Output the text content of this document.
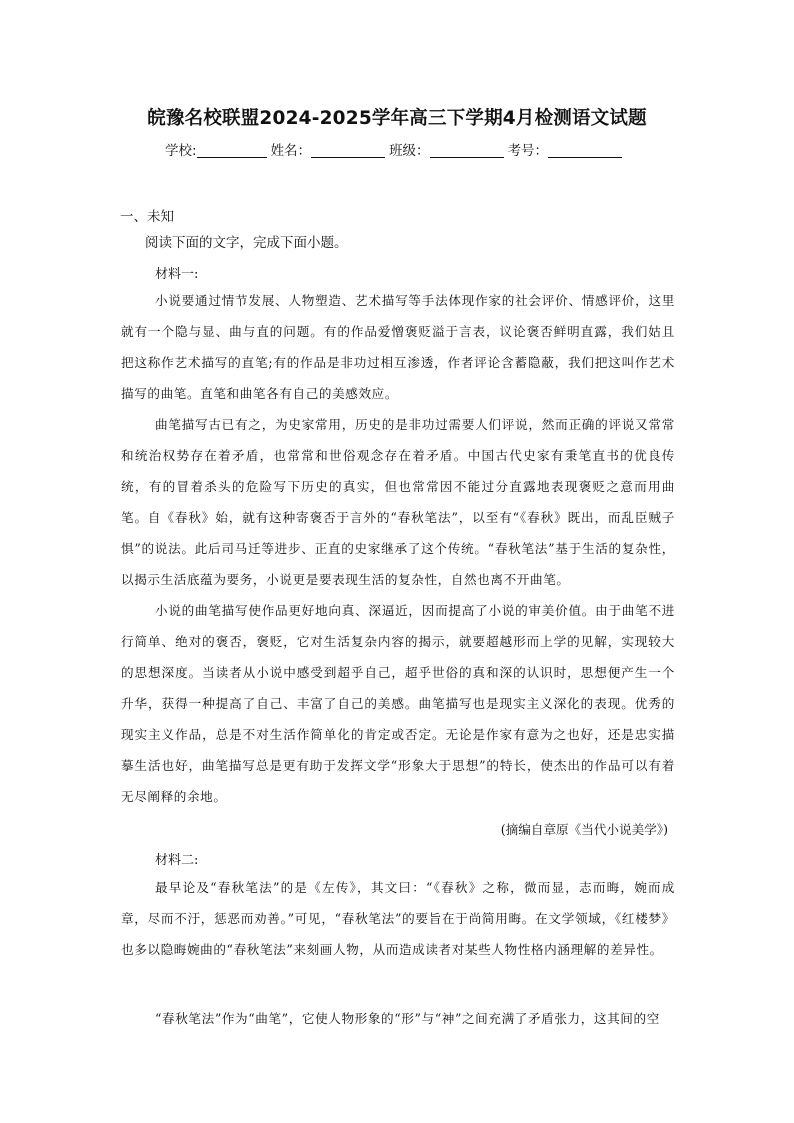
皖豫名校联盟2024-2025学年高三下学期4月检测语文试题
学校:	姓名：	班级：	考号：
一、未知
阅读下面的文字，完成下面小题。
材料一:
小说要通过情节发展、人物塑造、艺术描写等手法体现作家的社会评价、情感评价，这里就有一个隐与显、曲与直的问题。有的作品爱憎褒贬溢于言表，议论褒否鲜明直露，我们姑且把这称作艺术描写的直笔;有的作品是非功过相互渗透，作者评论含蓄隐蔽，我们把这叫作艺术描写的曲笔。直笔和曲笔各有自己的美感效应。
曲笔描写古已有之，为史家常用，历史的是非功过需要人们评说，然而正确的评说又常常和统治权势存在着矛盾，也常常和世俗观念存在着矛盾。中国古代史家有秉笔直书的优良传统，有的冒着杀头的危险写下历史的真实，但也常常因不能过分直露地表现褒贬之意而用曲笔。自《春秋》始，就有这种寄褒否于言外的“春秋笔法”，以至有“《春秋》既出，而乱臣贼子惧”的说法。此后司马迁等进步、正直的史家继承了这个传统。“春秋笔法”基于生活的复杂性，以揭示生活底蕴为要务，小说更是要表现生活的复杂性，自然也离不开曲笔。
小说的曲笔描写使作品更好地向真、深逼近，因而提高了小说的审美价值。由于曲笔不进行简单、绝对的褒否，褒贬，它对生活复杂内容的揭示，就要超越形而上学的见解，实现较大的思想深度。当读者从小说中感受到超乎自己，超乎世俗的真和深的认识时，思想便产生一个升华，获得一种提高了自己、丰富了自己的美感。曲笔描写也是现实主义深化的表现。优秀的现实主义作品，总是不对生活作简单化的肯定或否定。无论是作家有意为之也好，还是忠实描摹生活也好，曲笔描写总是更有助于发挥文学“形象大于思想”的特长，使杰出的作品可以有着无尽阐释的余地。
(摘编自章原《当代小说美学》)
材料二:
最早论及“春秋笔法”的是《左传》，其文曰：“《春秋》之称，微而显，志而晦，婉而成章，尽而不汙，惩恶而劝善。”可见，“春秋笔法”的要旨在于尚简用晦。在文学领域，《红楼梦》也多以隐晦婉曲的“春秋笔法”来刻画人物，从而造成读者对某些人物性格内涵理解的差异性。
“春秋笔法”作为“曲笔”，它使人物形象的“形”与“神”之间充满了矛盾张力，这其间的空
